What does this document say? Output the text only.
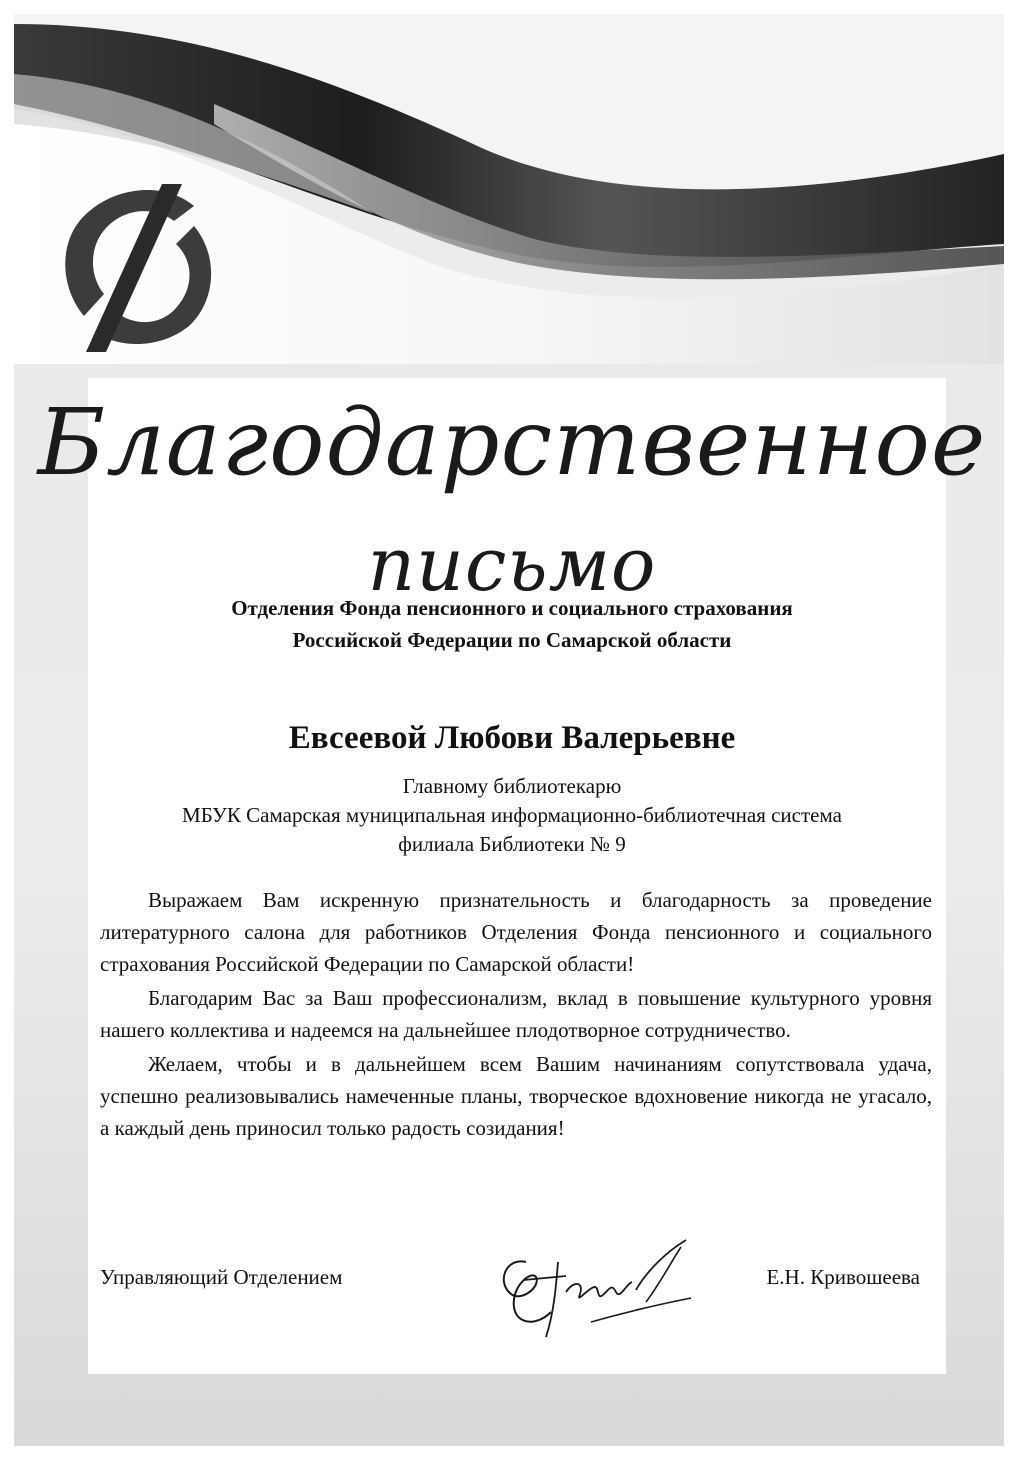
Благодарственное
письмо
Отделения Фонда пенсионного и социального страхования
Российской Федерации по Самарской области
Евсеевой Любови Валерьевне
Главному библиотекарю
МБУК Самарская муниципальная информационно-библиотечная система
филиала Библиотеки № 9

Выражаем Вам искренную признательность и благодарность за проведение литературного салона для работников Отделения Фонда пенсионного и социального страхования Российской Федерации по Самарской области!

Благодарим Вас за Ваш профессионализм, вклад в повышение культурного уровня нашего коллектива и надеемся на дальнейшее плодотворное сотрудничество.

Желаем, чтобы и в дальнейшем всем Вашим начинаниям сопутствовала удача, успешно реализовывались намеченные планы, творческое вдохновение никогда не угасало, а каждый день приносил только радость созидания!

Управляющий Отделением	Е.Н. Кривошеева
